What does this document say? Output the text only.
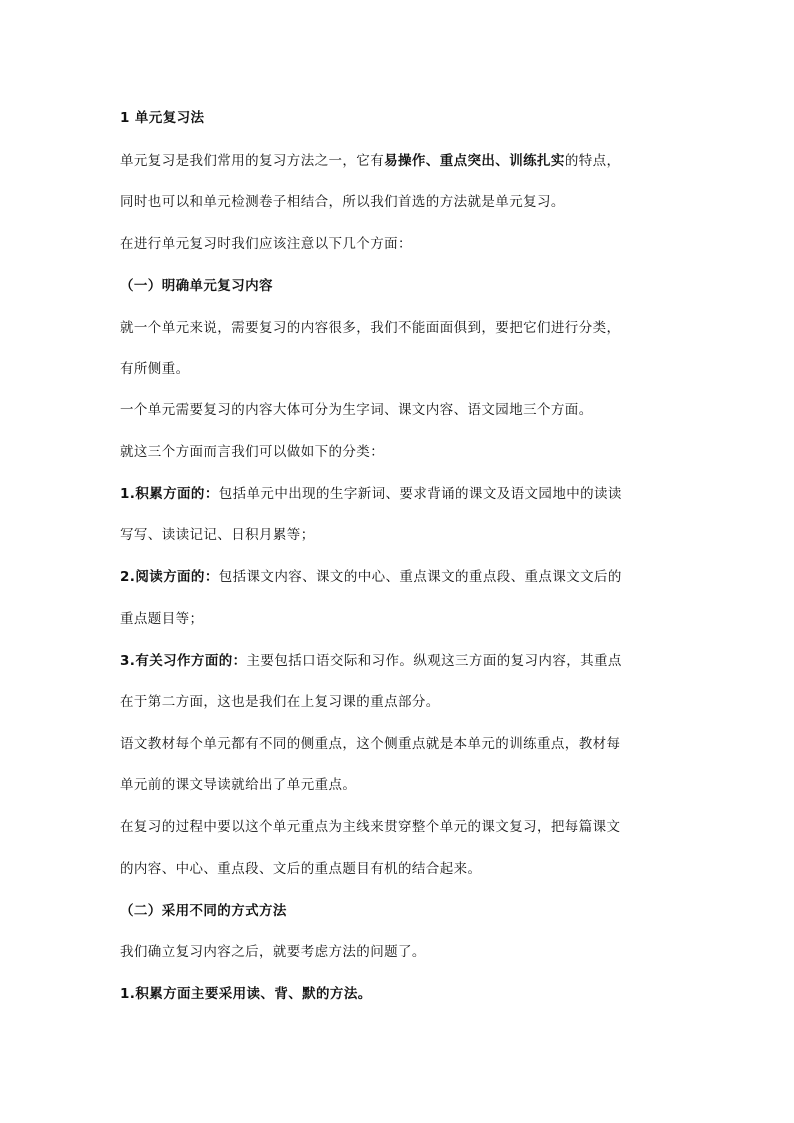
1 单元复习法
单元复习是我们常用的复习方法之一，它有易操作、重点突出、训练扎实的特点，
同时也可以和单元检测卷子相结合，所以我们首选的方法就是单元复习。
在进行单元复习时我们应该注意以下几个方面：
（一）明确单元复习内容
就一个单元来说，需要复习的内容很多，我们不能面面俱到，要把它们进行分类，
有所侧重。
一个单元需要复习的内容大体可分为生字词、课文内容、语文园地三个方面。
就这三个方面而言我们可以做如下的分类：
1.积累方面的：包括单元中出现的生字新词、要求背诵的课文及语文园地中的读读
写写、读读记记、日积月累等；
2.阅读方面的：包括课文内容、课文的中心、重点课文的重点段、重点课文文后的
重点题目等；
3.有关习作方面的：主要包括口语交际和习作。纵观这三方面的复习内容，其重点
在于第二方面，这也是我们在上复习课的重点部分。
语文教材每个单元都有不同的侧重点，这个侧重点就是本单元的训练重点，教材每
单元前的课文导读就给出了单元重点。
在复习的过程中要以这个单元重点为主线来贯穿整个单元的课文复习，把每篇课文
的内容、中心、重点段、文后的重点题目有机的结合起来。
（二）采用不同的方式方法
我们确立复习内容之后，就要考虑方法的问题了。
1.积累方面主要采用读、背、默的方法。
